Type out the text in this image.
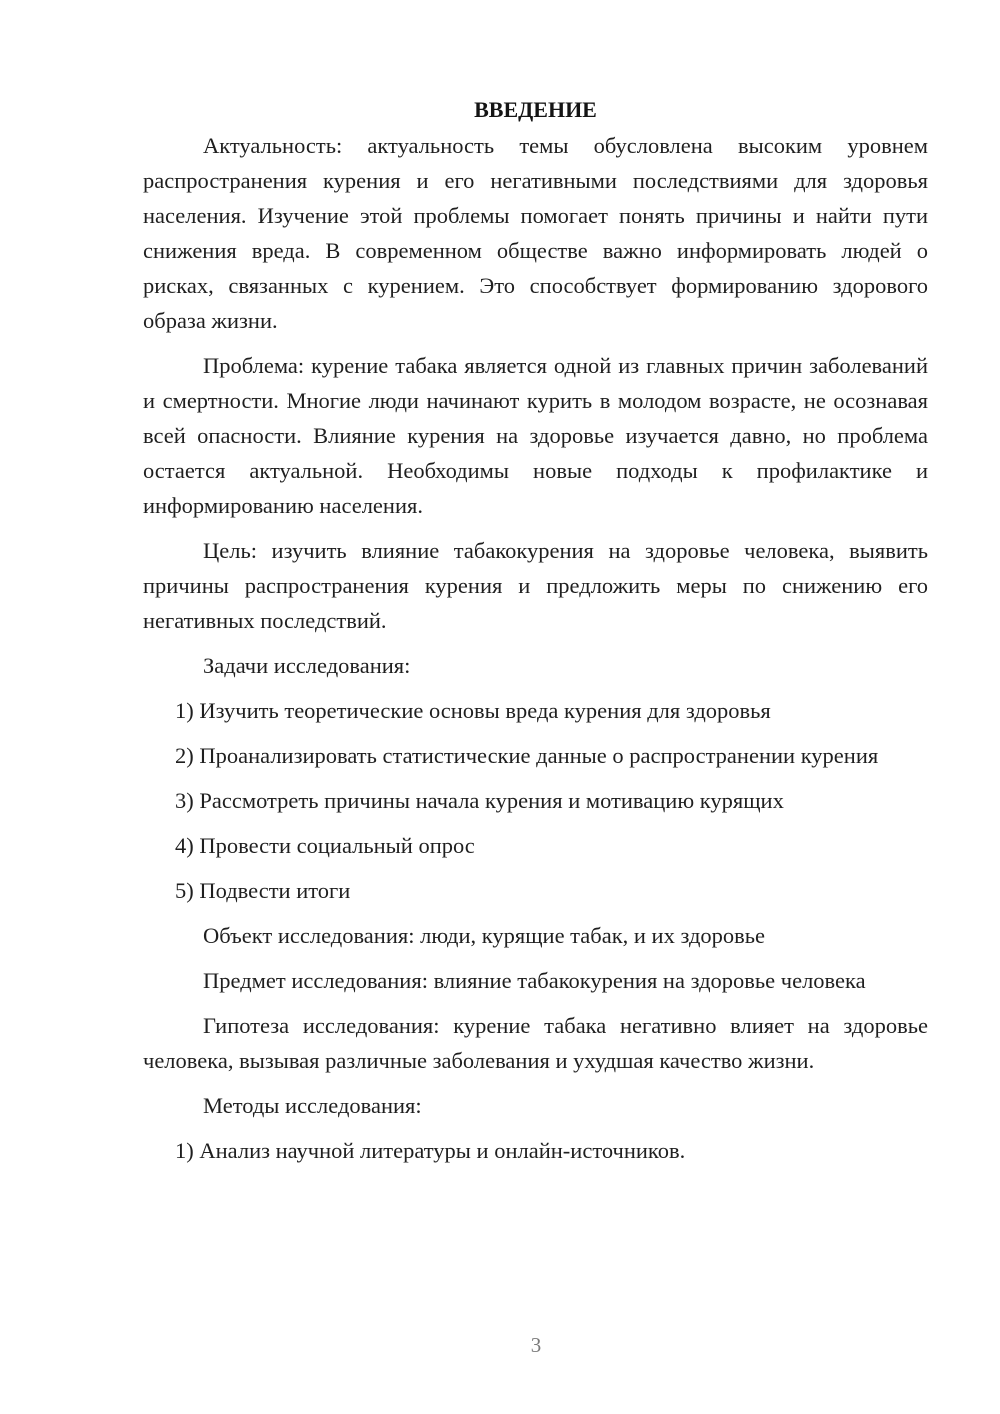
ВВЕДЕНИЕ

Актуальность: актуальность темы обусловлена высоким уровнем распространения курения и его негативными последствиями для здоровья населения. Изучение этой проблемы помогает понять причины и найти пути снижения вреда. В современном обществе важно информировать людей о рисках, связанных с курением. Это способствует формированию здорового образа жизни.

Проблема: курение табака является одной из главных причин заболеваний и смертности. Многие люди начинают курить в молодом возрасте, не осознавая всей опасности. Влияние курения на здоровье изучается давно, но проблема остается актуальной. Необходимы новые подходы к профилактике и информированию населения.

Цель: изучить влияние табакокурения на здоровье человека, выявить причины распространения курения и предложить меры по снижению его негативных последствий.

Задачи исследования:

1) Изучить теоретические основы вреда курения для здоровья

2) Проанализировать статистические данные о распространении курения

3) Рассмотреть причины начала курения и мотивацию курящих

4) Провести социальный опрос

5) Подвести итоги

Объект исследования: люди, курящие табак, и их здоровье

Предмет исследования: влияние табакокурения на здоровье человека

Гипотеза исследования: курение табака негативно влияет на здоровье человека, вызывая различные заболевания и ухудшая качество жизни.

Методы исследования:

1) Анализ научной литературы и онлайн-источников.

3
